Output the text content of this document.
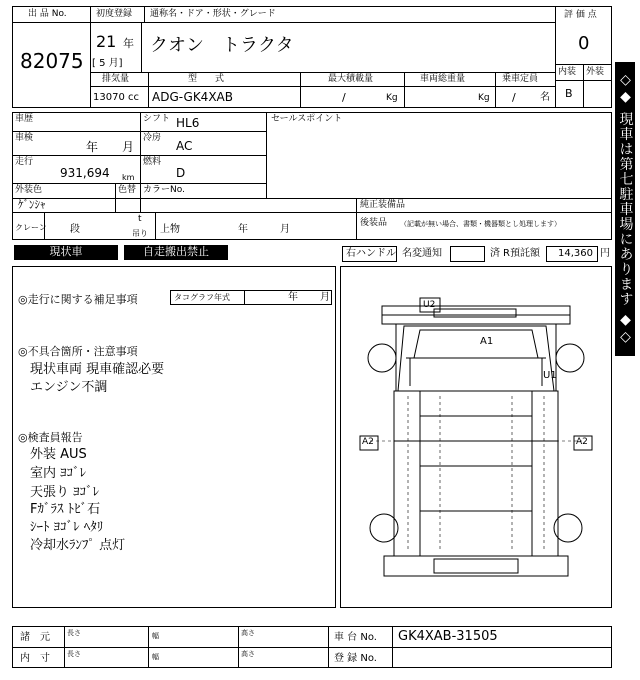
出 品 No.
82075
初度登録 通称名・ドア・形状・グレード
21 年
[ 5 月]
クオン　トラクタ
評 価 点
0
内装 外装
B
排気量	型　　式	最大積載量	車両総重量	乗車定員
13070 cc ADG-GK4XAB	/	Kg	Kg / 名
車歴	シフト HL6	セールスポイント
車検
年 月
冷房
AC
走行
931,694 km
燃料
D
外装色
ｹﾞﾝｼｬ
色替 カラーNo.
純正装備品
後装品 （記載が無い場合、書類・機器類とし処理します）
クレーン 段
t
吊り 上物	年	月
現状車	自走搬出禁止	右ハンドル 名変通知	済 R預託額 14,360 円
◎走行に関する補足事項	タコグラフ年式	年 月
◎不具合箇所・注意事項
現状車両 現車確認必要
エンジン不調
◎検査員報告
外装 AUS
室内 ﾖｺﾞﾚ
天張り ﾖｺﾞﾚ
Fｶﾞﾗｽ ﾄﾋﾞ石
ｼｰﾄ ﾖｺﾞﾚ ﾍﾀﾘ
冷却水ﾗﾝﾌﾟ 点灯
U2
A1
U1
A2	A2
◇◆ 現車は第七駐車場にあります ◆◇
諸　元
内　寸
長さ	幅	高さ
長さ	幅	高さ
車 台 No. GK4XAB-31505
登 録 No.
